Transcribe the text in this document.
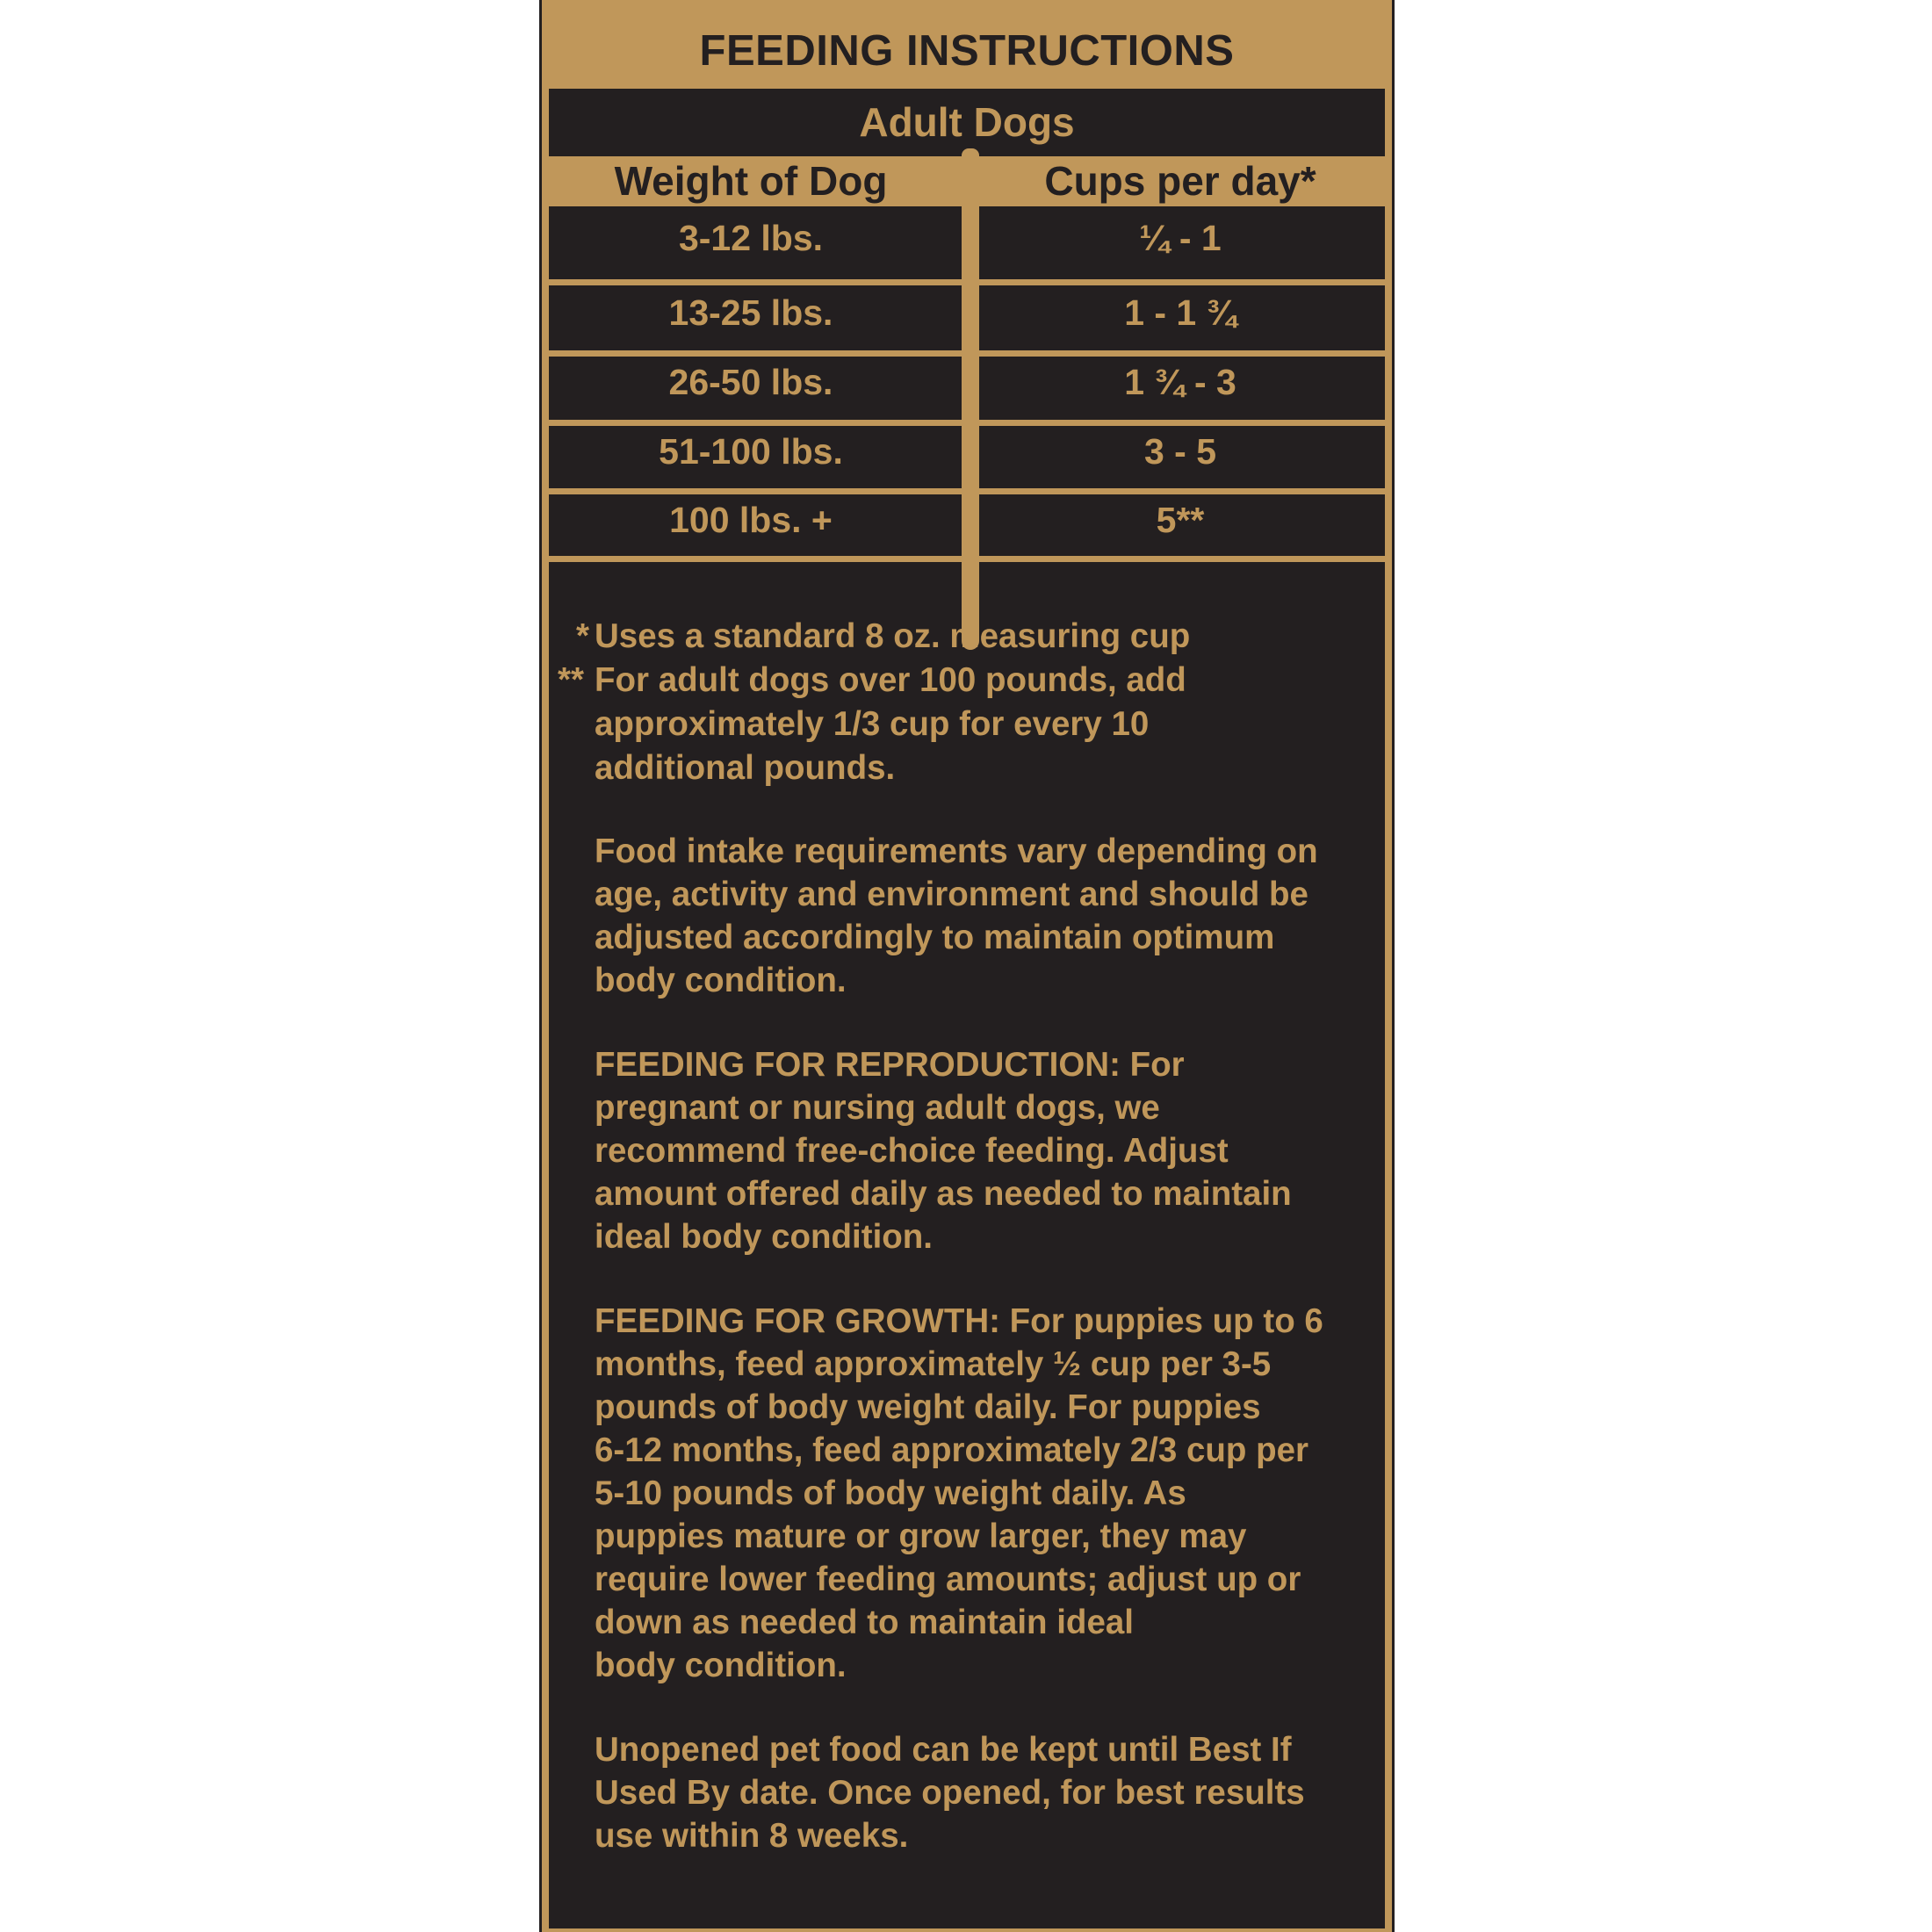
FEEDING INSTRUCTIONS
Adult Dogs
Weight of Dog	Cups per day*
3-12 lbs.	¼ - 1
13-25 lbs.	1 - 1 ¾
26-50 lbs.	1 ¾ - 3
51-100 lbs.	3 - 5
100 lbs. +	5**
* Uses a standard 8 oz. measuring cup
** For adult dogs over 100 pounds, add
approximately 1/3 cup for every 10
additional pounds.

Food intake requirements vary depending on
age, activity and environment and should be
adjusted accordingly to maintain optimum
body condition.

FEEDING FOR REPRODUCTION: For
pregnant or nursing adult dogs, we
recommend free-choice feeding. Adjust
amount offered daily as needed to maintain
ideal body condition.

FEEDING FOR GROWTH: For puppies up to 6
months, feed approximately ½ cup per 3-5
pounds of body weight daily. For puppies
6-12 months, feed approximately 2/3 cup per
5-10 pounds of body weight daily. As
puppies mature or grow larger, they may
require lower feeding amounts; adjust up or
down as needed to maintain ideal
body condition.

Unopened pet food can be kept until Best If
Used By date. Once opened, for best results
use within 8 weeks.
